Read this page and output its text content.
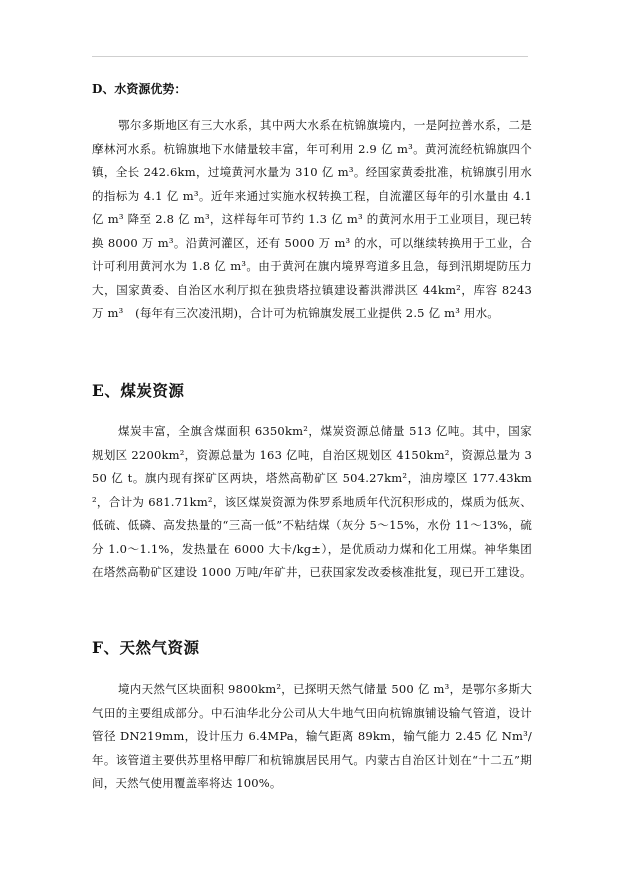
D、水资源优势：

鄂尔多斯地区有三大水系，其中两大水系在杭锦旗境内，一是阿拉善水系，二是摩林河水系。杭锦旗地下水储量较丰富，年可利用 2.9 亿 m³。黄河流经杭锦旗四个镇，全长 242.6km，过境黄河水量为 310 亿 m³。经国家黄委批准，杭锦旗引用水的指标为 4.1 亿 m³。近年来通过实施水权转换工程，自流灌区每年的引水量由 4.1 亿 m³ 降至 2.8 亿 m³，这样每年可节约 1.3 亿 m³ 的黄河水用于工业项目，现已转换 8000 万 m³。沿黄河灌区，还有 5000 万 m³ 的水，可以继续转换用于工业，合计可利用黄河水为 1.8 亿 m³。由于黄河在旗内境界弯道多且急，每到汛期堤防压力大，国家黄委、自治区水利厅拟在独贵塔拉镇建设蓄洪滞洪区 44km²，库容 8243 万 m³　(每年有三次凌汛期)，合计可为杭锦旗发展工业提供 2.5 亿 m³ 用水。

E、煤炭资源

煤炭丰富，全旗含煤面积 6350km²，煤炭资源总储量 513 亿吨。其中，国家规划区 2200km²，资源总量为 163 亿吨，自治区规划区 4150km²，资源总量为 350 亿 t。旗内现有探矿区两块，塔然高勒矿区 504.27km²，油房壕区 177.43km²，合计为 681.71km²，该区煤炭资源为侏罗系地质年代沉积形成的，煤质为低灰、低硫、低磷、高发热量的“三高一低”不粘结煤（灰分 5～15%，水份 11～13%，硫分 1.0～1.1%，发热量在 6000 大卡/kg±），是优质动力煤和化工用煤。神华集团在塔然高勒矿区建设 1000 万吨/年矿井，已获国家发改委核准批复，现已开工建设。

F、天然气资源

境内天然气区块面积 9800km²，已探明天然气储量 500 亿 m³，是鄂尔多斯大气田的主要组成部分。中石油华北分公司从大牛地气田向杭锦旗铺设输气管道，设计管径 DN219mm，设计压力 6.4MPa，输气距离 89km，输气能力 2.45 亿 Nm³/年。该管道主要供苏里格甲醇厂和杭锦旗居民用气。内蒙古自治区计划在“十二五”期间，天然气使用覆盖率将达 100%。
